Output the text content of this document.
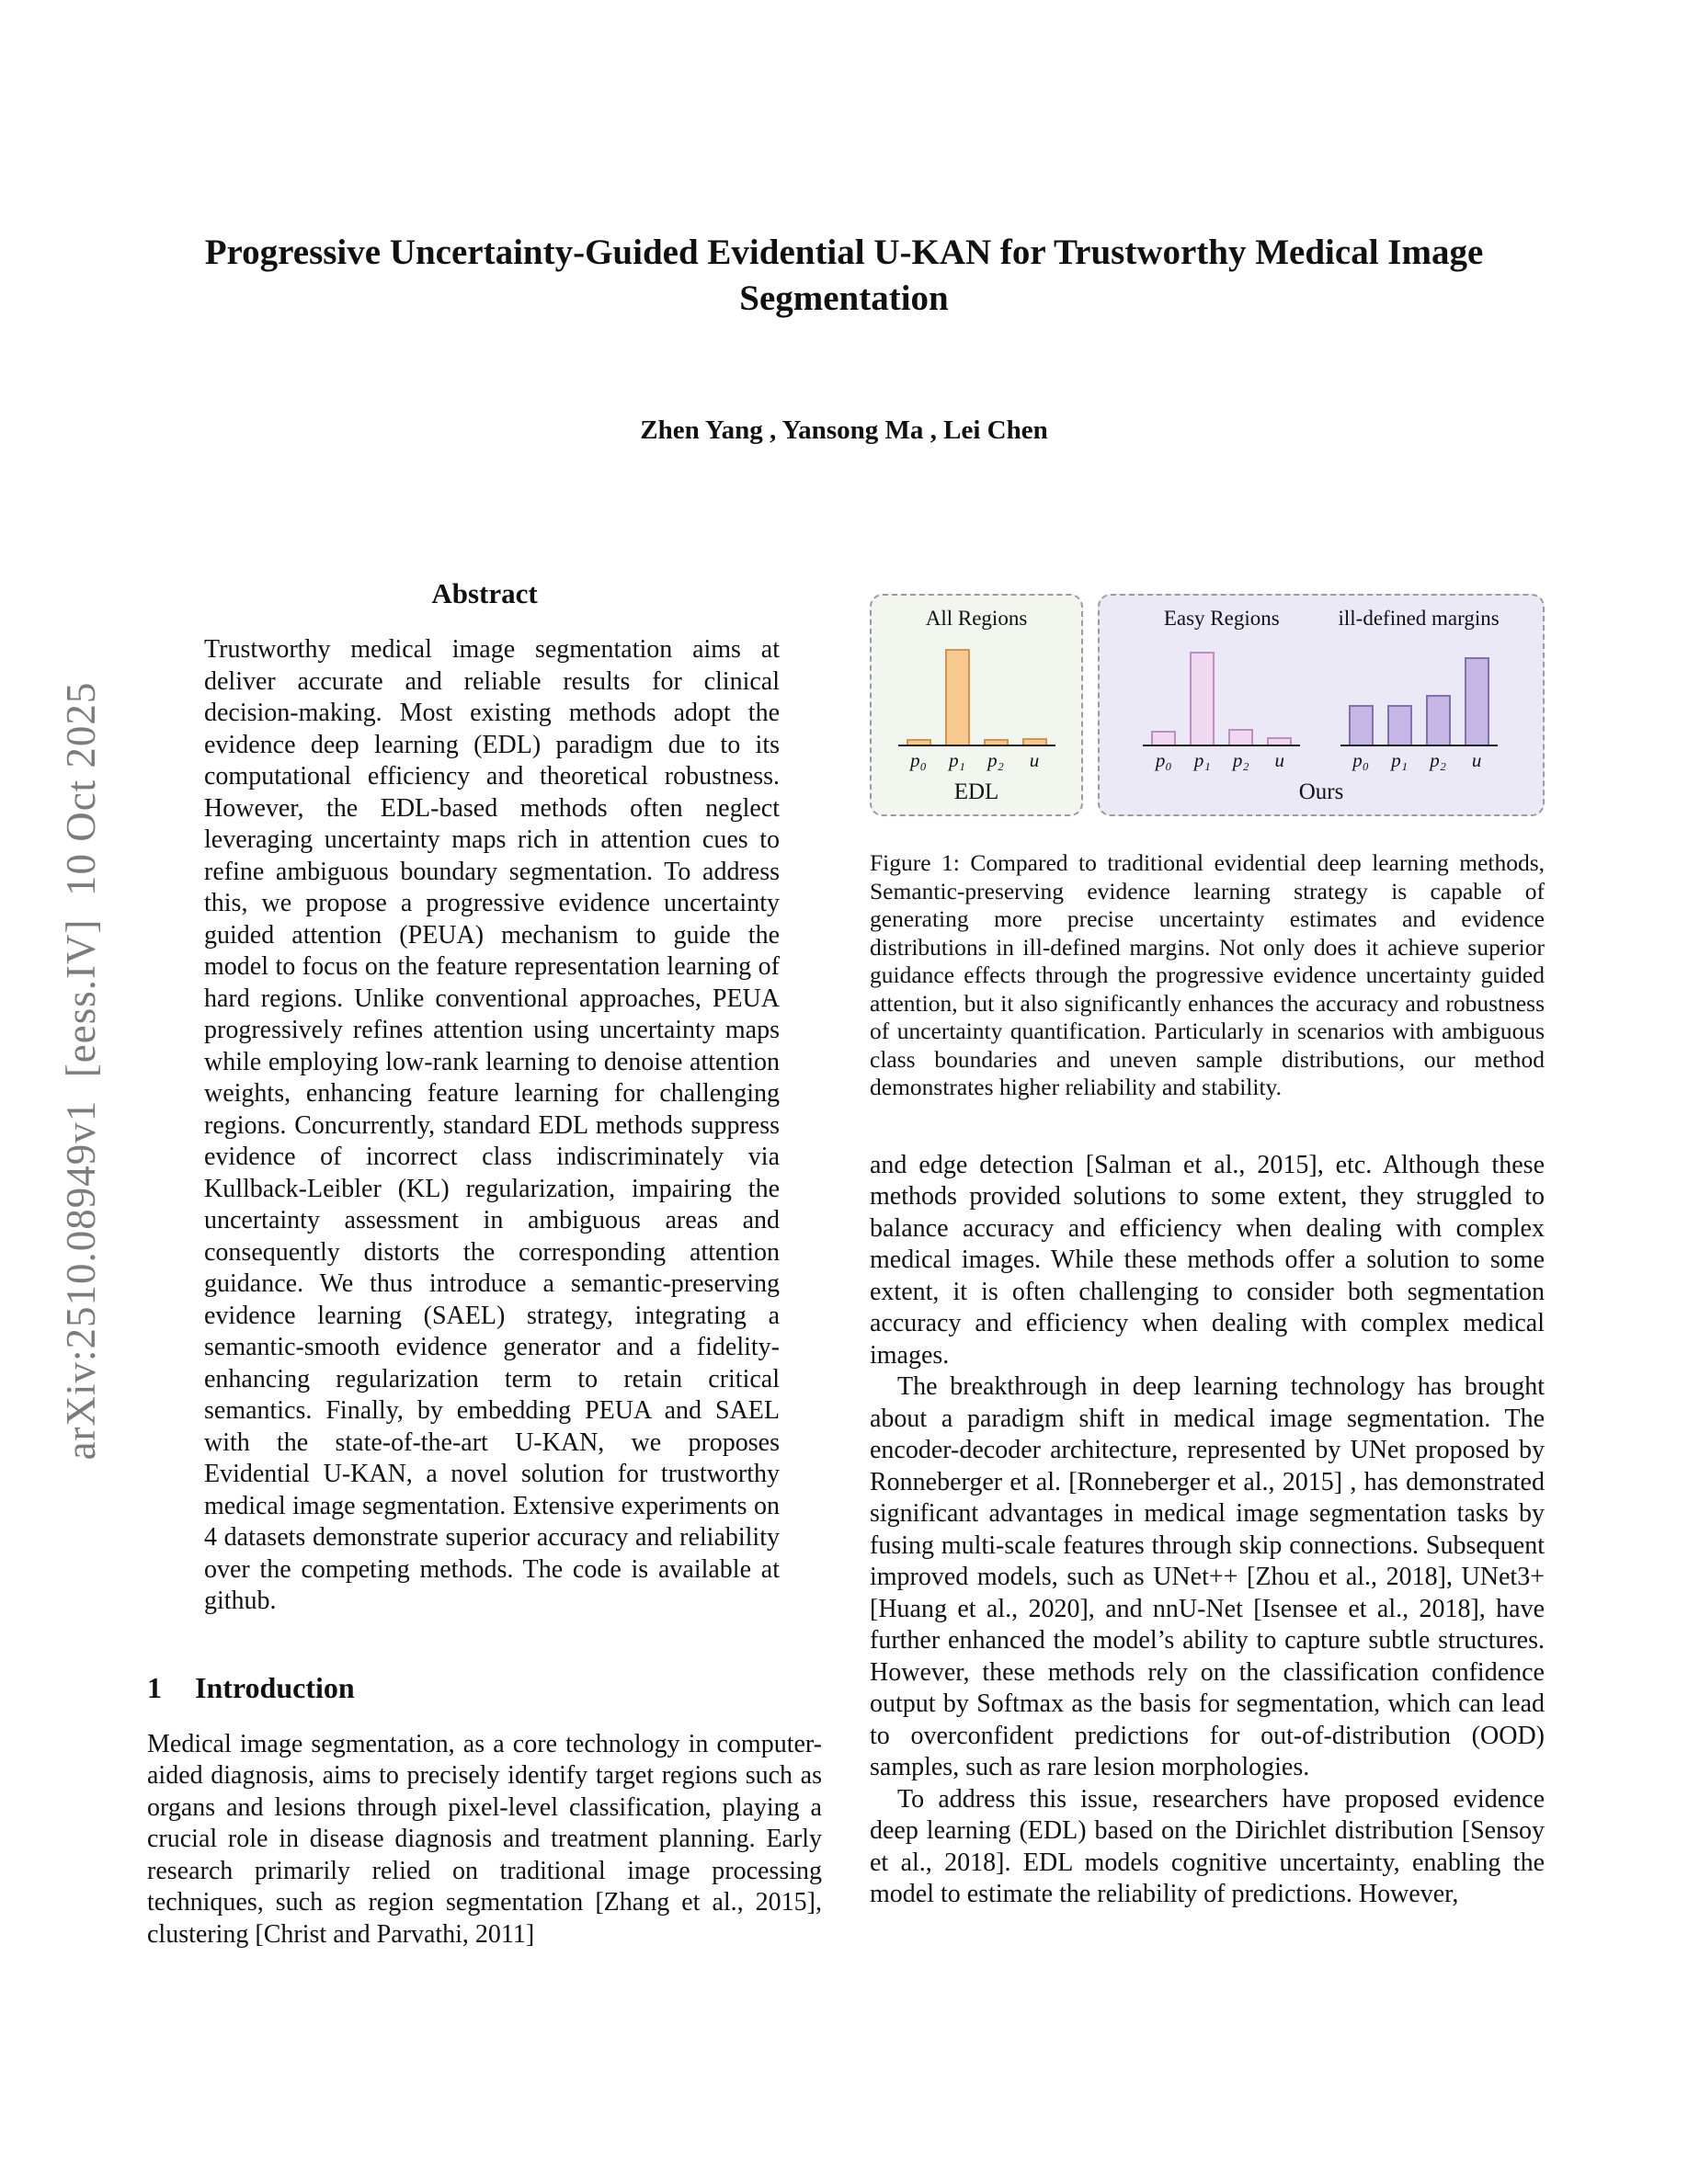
arXiv:2510.08949v1  [eess.IV]  10 Oct 2025
Progressive Uncertainty-Guided Evidential U-KAN for Trustworthy Medical Image Segmentation
Zhen Yang , Yansong Ma , Lei Chen
Abstract

Trustworthy medical image segmentation aims at deliver accurate and reliable results for clinical decision-making. Most existing methods adopt the evidence deep learning (EDL) paradigm due to its computational efficiency and theoretical robustness. However, the EDL-based methods often neglect leveraging uncertainty maps rich in attention cues to refine ambiguous boundary segmentation. To address this, we propose a progressive evidence uncertainty guided attention (PEUA) mechanism to guide the model to focus on the feature representation learning of hard regions. Unlike conventional approaches, PEUA progressively refines attention using uncertainty maps while employing low-rank learning to denoise attention weights, enhancing feature learning for challenging regions. Concurrently, standard EDL methods suppress evidence of incorrect class indiscriminately via Kullback-Leibler (KL) regularization, impairing the uncertainty assessment in ambiguous areas and consequently distorts the corresponding attention guidance. We thus introduce a semantic-preserving evidence learning (SAEL) strategy, integrating a semantic-smooth evidence generator and a fidelity-enhancing regularization term to retain critical semantics. Finally, by embedding PEUA and SAEL with the state-of-the-art U-KAN, we proposes Evidential U-KAN, a novel solution for trustworthy medical image segmentation. Extensive experiments on 4 datasets demonstrate superior accuracy and reliability over the competing methods. The code is available at github.

1 Introduction

Medical image segmentation, as a core technology in computer-aided diagnosis, aims to precisely identify target regions such as organs and lesions through pixel-level classification, playing a crucial role in disease diagnosis and treatment planning. Early research primarily relied on traditional image processing techniques, such as region segmentation [Zhang et al., 2015], clustering [Christ and Parvathi, 2011]

All Regions
p₀ p₁ p₂	u
EDL
Easy Regions
p₀ p₁ p₂	u
ill-defined margins
p₀ p₁ p₂	u
Ours

Figure 1: Compared to traditional evidential deep learning methods, Semantic-preserving evidence learning strategy is capable of generating more precise uncertainty estimates and evidence distributions in ill-defined margins. Not only does it achieve superior guidance effects through the progressive evidence uncertainty guided attention, but it also significantly enhances the accuracy and robustness of uncertainty quantification. Particularly in scenarios with ambiguous class boundaries and uneven sample distributions, our method demonstrates higher reliability and stability.

and edge detection [Salman et al., 2015], etc. Although these methods provided solutions to some extent, they struggled to balance accuracy and efficiency when dealing with complex medical images. While these methods offer a solution to some extent, it is often challenging to consider both segmentation accuracy and efficiency when dealing with complex medical images.

The breakthrough in deep learning technology has brought about a paradigm shift in medical image segmentation. The encoder-decoder architecture, represented by UNet proposed by Ronneberger et al. [Ronneberger et al., 2015] , has demonstrated significant advantages in medical image segmentation tasks by fusing multi-scale features through skip connections. Subsequent improved models, such as UNet++ [Zhou et al., 2018], UNet3+ [Huang et al., 2020], and nnU-Net [Isensee et al., 2018], have further enhanced the model’s ability to capture subtle structures. However, these methods rely on the classification confidence output by Softmax as the basis for segmentation, which can lead to overconfident predictions for out-of-distribution (OOD) samples, such as rare lesion morphologies.

To address this issue, researchers have proposed evidence deep learning (EDL) based on the Dirichlet distribution [Sensoy et al., 2018]. EDL models cognitive uncertainty, enabling the model to estimate the reliability of predictions. However,
